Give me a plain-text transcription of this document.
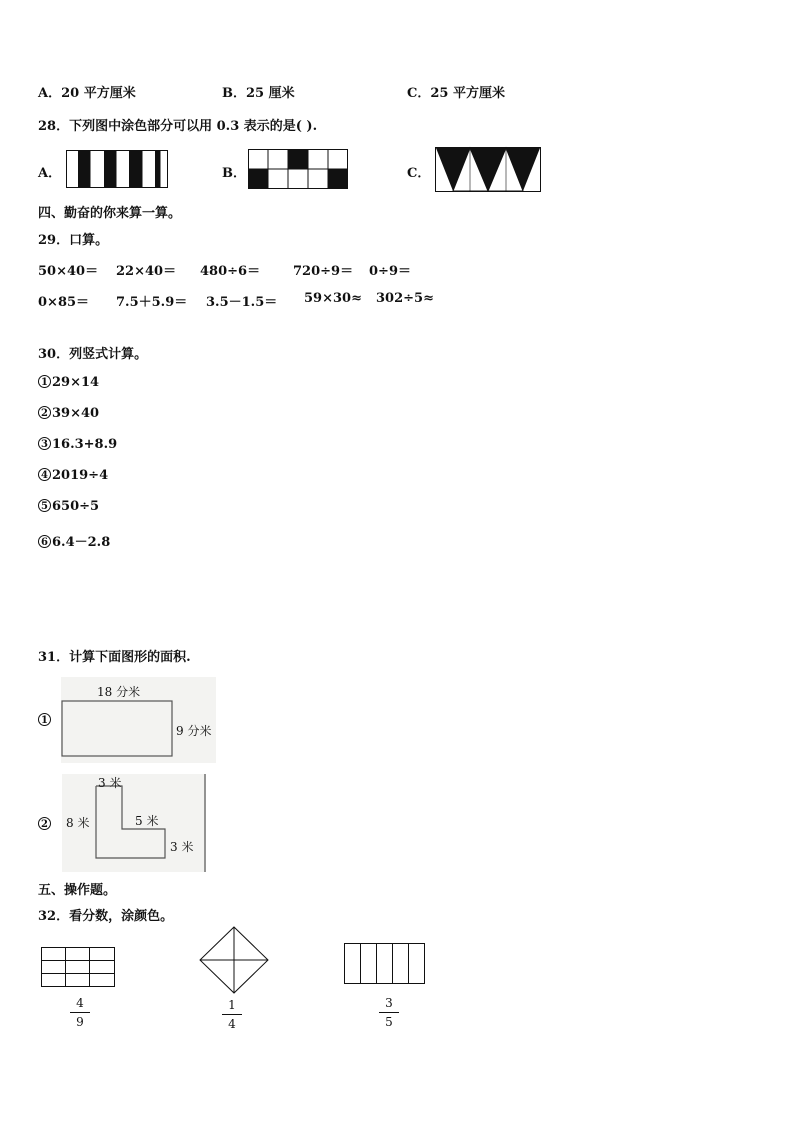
A．20 平方厘米	B．25 厘米	C．25 平方厘米
28．下列图中涂色部分可以用 0.3 表示的是( ).
A．	B．	C．
四、勤奋的你来算一算。
29．口算。
50×40＝ 22×40＝ 480÷6＝	720÷9＝ 0÷9＝
0×85＝ 7.5＋5.9＝ 3.5－1.5＝ 59×30≈ 302÷5≈
30．列竖式计算。
1 29×14
2 39×40
3 16.3+8.9
4 2019÷4
5 650÷5
6 6.4－2.8
31．计算下面图形的面积.
1
18 分米
9 分米
2
3 米
8 米	5 米
3 米
五、操作题。
32．看分数，涂颜色。
4
9
1
4
3
5
